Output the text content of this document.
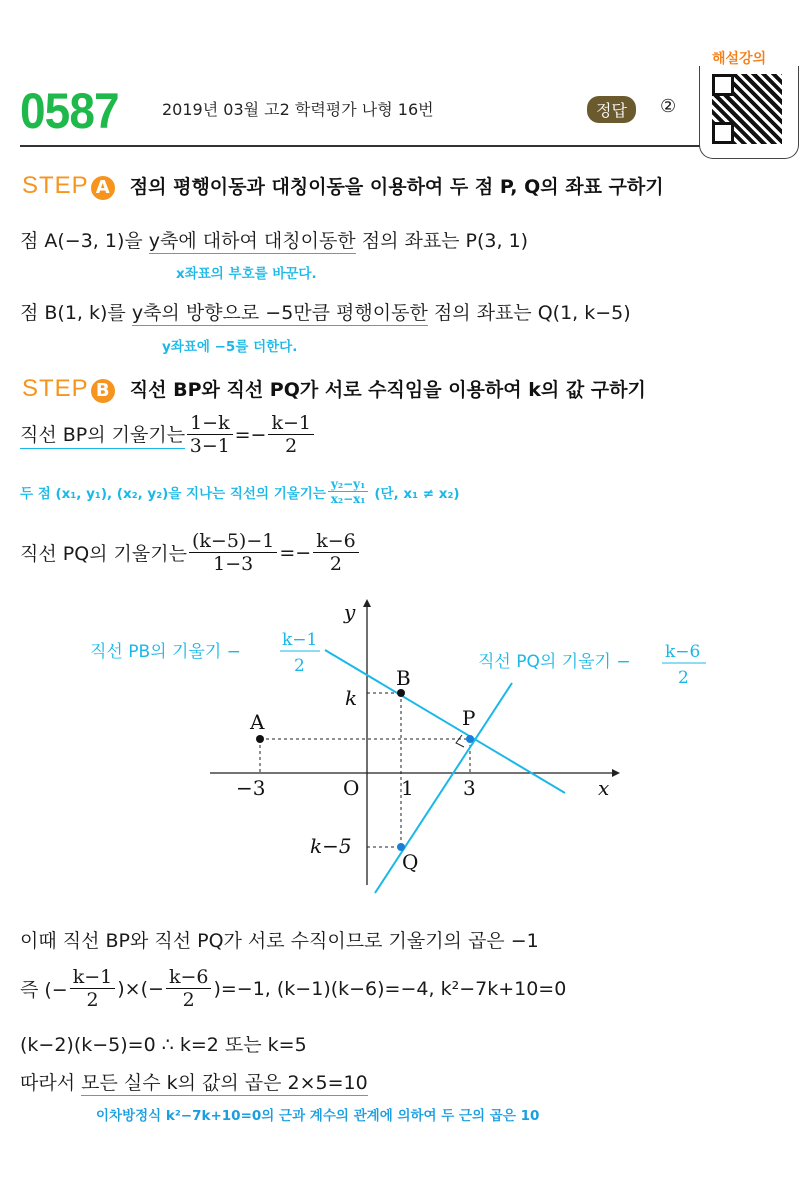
해설강의
0587	2019년 03월 고2 학력평가 나형 16번	정답	②
STEP A 점의 평행이동과 대칭이동을 이용하여 두 점 P, Q의 좌표 구하기
점 A(−3, 1)을 y축에 대하여 대칭이동한 점의 좌표는 P(3, 1)
x좌표의 부호를 바꾼다.
점 B(1, k)를 y축의 방향으로 −5만큼 평행이동한 점의 좌표는 Q(1, k−5)
y좌표에 −5를 더한다.
STEP B 직선 BP와 직선 PQ가 서로 수직임을 이용하여 k의 값 구하기
직선 BP의 기울기는 $\frac{1-k}{3-1} =- \frac{k-1}{2}$
두 점 (x₁, y₁), (x₂, y₂)을 지나는 직선의 기울기는 $\frac{\text{y₂−y₁}}{\text{x₂−x₁}}$ (단, x₁ ≠ x₂)
직선 PQ의 기울기는 $\frac{(k-5)-1}{1-3} =- \frac{k-6}{2}$
y
x
O
−3	1 3
k
k−5
A
B
P
Q
직선 PB의 기울기 −
k−1
2	직선 PQ의 기울기 − k−6
2
이때 직선 BP와 직선 PQ가 서로 수직이므로 기울기의 곱은 −1
즉 (− $\frac{k-1}{2}$ )×(− $\frac{k-6}{2} )=-1$, (k−1)(k−6)=−4, k²−7k+10=0
(k−2)(k−5)=0 ∴ k=2 또는 k=5
따라서 모든 실수 k의 값의 곱은 2×5=10
이차방정식 k²−7k+10=0의 근과 계수의 관계에 의하여 두 근의 곱은 10
